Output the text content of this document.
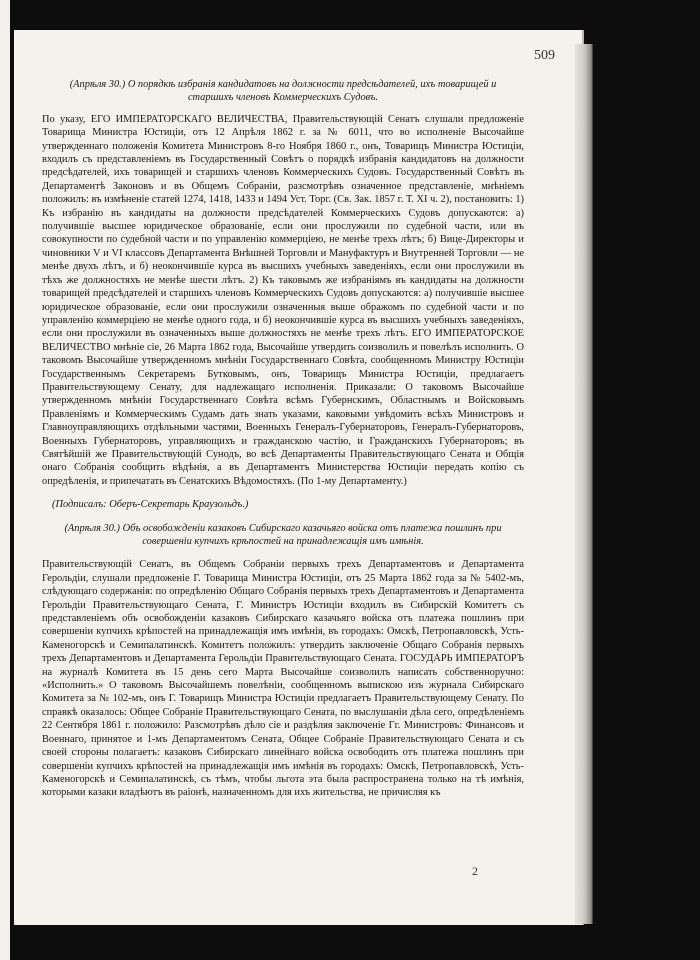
509

(Апрѣля 30.) О порядкѣ избранія кандидатовъ на должности предсѣдателей, ихъ товарищей и старшихъ членовъ Коммерческихъ Судовъ.

По указу, ЕГО ИМПЕРАТОРСКАГО ВЕЛИЧЕСТВА, Правительствующій Сенатъ слушали предложеніе Товарища Министра Юстиціи, отъ 12 Апрѣля 1862 г. за № 6011, что во исполненіе Высочайше утвержденнаго положенія Комитета Министровъ 8-го Ноября 1860 г., онъ, Товарищъ Министра Юстиціи, входилъ съ представленіемъ въ Государственный Совѣтъ о порядкѣ избранія кандидатовъ на должности предсѣдателей, ихъ товарищей и старшихъ членовъ Коммерческихъ Судовъ. Государственный Совѣтъ въ Департаментѣ Законовъ и въ Общемъ Собраніи, разсмотрѣвъ означенное представленіе, мнѣніемъ положилъ: въ измѣненіе статей 1274, 1418, 1433 и 1494 Уст. Торг. (Св. Зак. 1857 г. Т. XI ч. 2), постановить: 1) Къ избранію въ кандидаты на должности предсѣдателей Коммерческихъ Судовъ допускаются: а) получившіе высшее юридическое образованіе, если они прослужили по судебной части, или въ совокупности по судебной части и по управленію коммерціею, не менѣе трехъ лѣтъ; б) Вице-Директоры и чиновники V и VI классовъ Департамента Внѣшней Торговли и Мануфактуръ и Внутренней Торговли — не менѣе двухъ лѣтъ, и б) неокончившіе курса въ высшихъ учебныхъ заведеніяхъ, если они прослужили въ тѣхъ же должностяхъ не менѣе шести лѣтъ. 2) Къ таковымъ же избраніямъ въ кандидаты на должности товарищей предсѣдателей и старшихъ членовъ Коммерческихъ Судовъ допускаются: а) получившіе высшее юридическое образованіе, если они прослужили означенныя выше ображомъ по судебной части и по управленію коммерціею не менѣе одного года, и б) неокончившіе курса въ высшихъ учебныхъ заведеніяхъ, если они прослужили въ означенныхъ выше должностяхъ не менѣе трехъ лѣтъ. ЕГО ИМПЕРАТОРСКОЕ ВЕЛИЧЕСТВО мнѣніе сіе, 26 Марта 1862 года, Высочайше утвердить соизволилъ и повелѣлъ исполнить. О таковомъ Высочайше утвержденномъ мнѣніи Государственнаго Совѣта, сообщенномъ Министру Юстиціи Государственнымъ Секретаремъ Бутковымъ, онъ, Товарищъ Министра Юстиціи, предлагаетъ Правительствующему Сенату, для надлежащаго исполненія. Приказали: О таковомъ Высочайше утвержденномъ мнѣніи Государственнаго Совѣта всѣмъ Губернскимъ, Областнымъ и Войсковымъ Правленіямъ и Коммерческимъ Судамъ дать знать указами, каковыми увѣдомить всѣхъ Министровъ и Главноуправляющихъ отдѣльными частями, Военныхъ Генералъ-Губернаторовъ, Генералъ-Губернаторовъ, Военныхъ Губернаторовъ, управляющихъ и гражданскою частію, и Гражданскихъ Губернаторовъ; въ Святѣйшій же Правительствующій Сунодъ, во всѣ Департаменты Правительствующаго Сената и Общія онаго Собранія сообщить вѣдѣнія, а въ Департаментъ Министерства Юстиціи передать копію съ опредѣленія, и припечатать въ Сенатскихъ Вѣдомостяхъ. (По 1-му Департаменту.)

(Подписалъ: Оберъ-Секретарь Краузольдъ.)

(Апрѣля 30.) Объ освобожденіи казаковъ Сибирскаго казачьяго войска отъ платежа пошлинъ при совершеніи купчихъ крѣпостей на принадлежащія имъ имѣнія.

Правительствующій Сенатъ, въ Общемъ Собраніи первыхъ трехъ Департаментовъ и Департамента Герольдіи, слушали предложеніе Г. Товарища Министра Юстиціи, отъ 25 Марта 1862 года за № 5402-мъ, слѣдующаго содержанія: по опредѣленію Общаго Собранія первыхъ трехъ Департаментовъ и Департамента Герольдіи Правительствующаго Сената, Г. Министръ Юстиціи входилъ въ Сибирскій Комитетъ съ представленіемъ объ освобожденіи казаковъ Сибирскаго казачьяго войска отъ платежа пошлинъ при совершеніи купчихъ крѣпостей на принадлежащія имъ имѣнія, въ городахъ: Омскѣ, Петропавловскѣ, Усть-Каменогорскѣ и Семипалатинскѣ. Комитетъ положилъ: утвердить заключеніе Общаго Собранія первыхъ трехъ Департаментовъ и Департамента Герольдіи Правительствующаго Сената. ГОСУДАРЬ ИМПЕРАТОРЪ на журналѣ Комитета въ 15 день сего Марта Высочайше соизволилъ написать собственноручно: «Исполнить.» О таковомъ Высочайшемъ повелѣніи, сообщенномъ выпискою изъ журнала Сибирскаго Комитета за № 102-мъ, онъ Г. Товарищъ Министра Юстиціи предлагаетъ Правительствующему Сенату. По справкѣ оказалось: Общее Собраніе Правительствующаго Сената, по выслушаніи дѣла сего, опредѣленіемъ 22 Сентября 1861 г. положило: Разсмотрѣвъ дѣло сіе и раздѣляя заключеніе Гг. Министровъ: Финансовъ и Военнаго, принятое и 1-мъ Департаментомъ Сената, Общее Собраніе Правительствующаго Сената и съ своей стороны полагаетъ: казаковъ Сибирскаго линейнаго войска освободить отъ платежа пошлинъ при совершеніи купчихъ крѣпостей на принадлежащія имъ имѣнія въ городахъ: Омскѣ, Петропавловскѣ, Усть-Каменогорскѣ и Семипалатинскѣ, съ тѣмъ, чтобы льгота эта была распространена только на тѣ имѣнія, которыми казаки владѣютъ въ раіонѣ, назначенномъ для ихъ жительства, не причисляя къ

2
